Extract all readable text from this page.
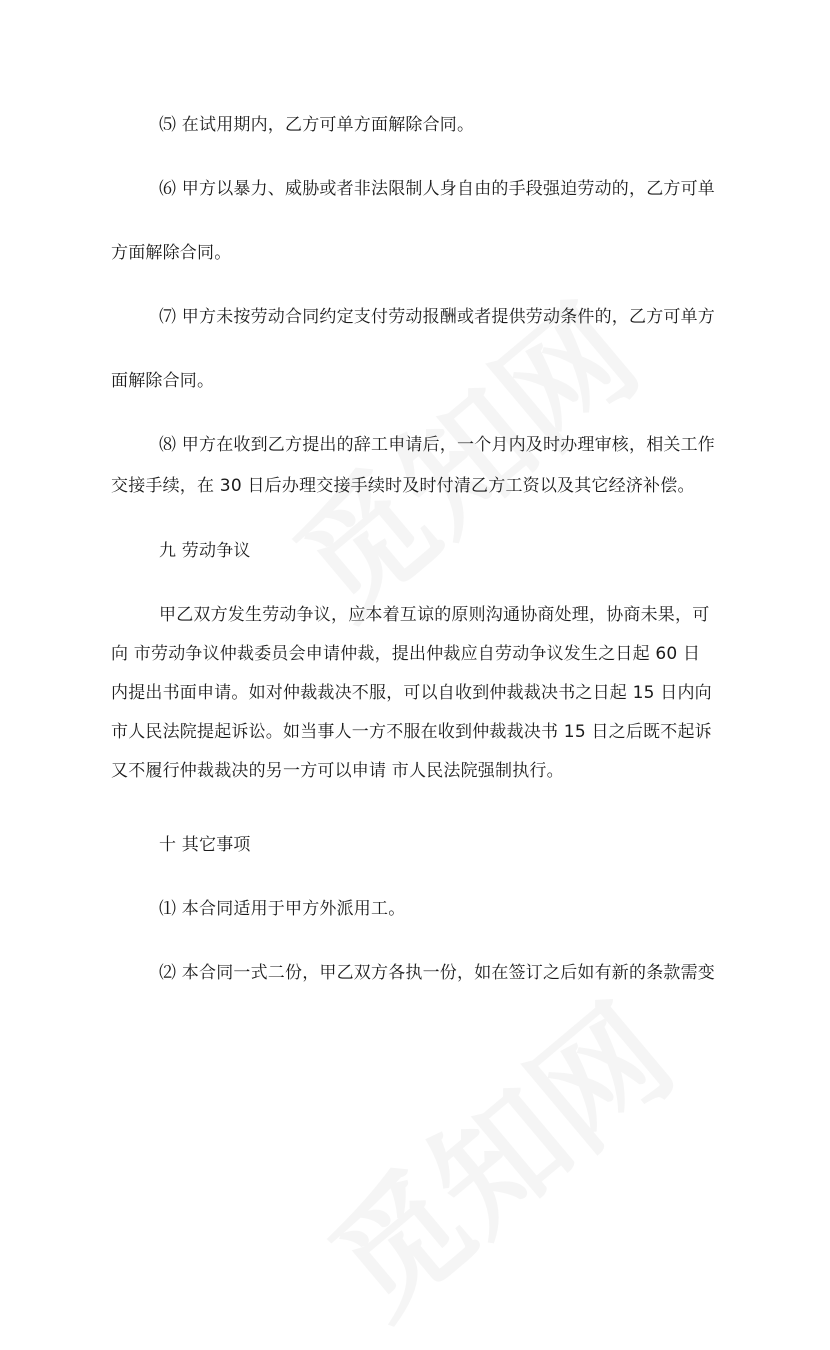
⑸ 在试用期内，乙方可单方面解除合同。
⑹ 甲方以暴力、威胁或者非法限制人身自由的手段强迫劳动的，乙方可单
方面解除合同。
⑺ 甲方未按劳动合同约定支付劳动报酬或者提供劳动条件的，乙方可单方
面解除合同。
⑻ 甲方在收到乙方提出的辞工申请后，一个月内及时办理审核，相关工作
交接手续，在 30 日后办理交接手续时及时付清乙方工资以及其它经济补偿。
九 劳动争议
甲乙双方发生劳动争议，应本着互谅的原则沟通协商处理，协商未果，可
向 市劳动争议仲裁委员会申请仲裁，提出仲裁应自劳动争议发生之日起 60 日
内提出书面申请。如对仲裁裁决不服，可以自收到仲裁裁决书之日起 15 日内向
市人民法院提起诉讼。如当事人一方不服在收到仲裁裁决书 15 日之后既不起诉
又不履行仲裁裁决的另一方可以申请 市人民法院强制执行。
十 其它事项
⑴ 本合同适用于甲方外派用工。
⑵ 本合同一式二份，甲乙双方各执一份，如在签订之后如有新的条款需变
